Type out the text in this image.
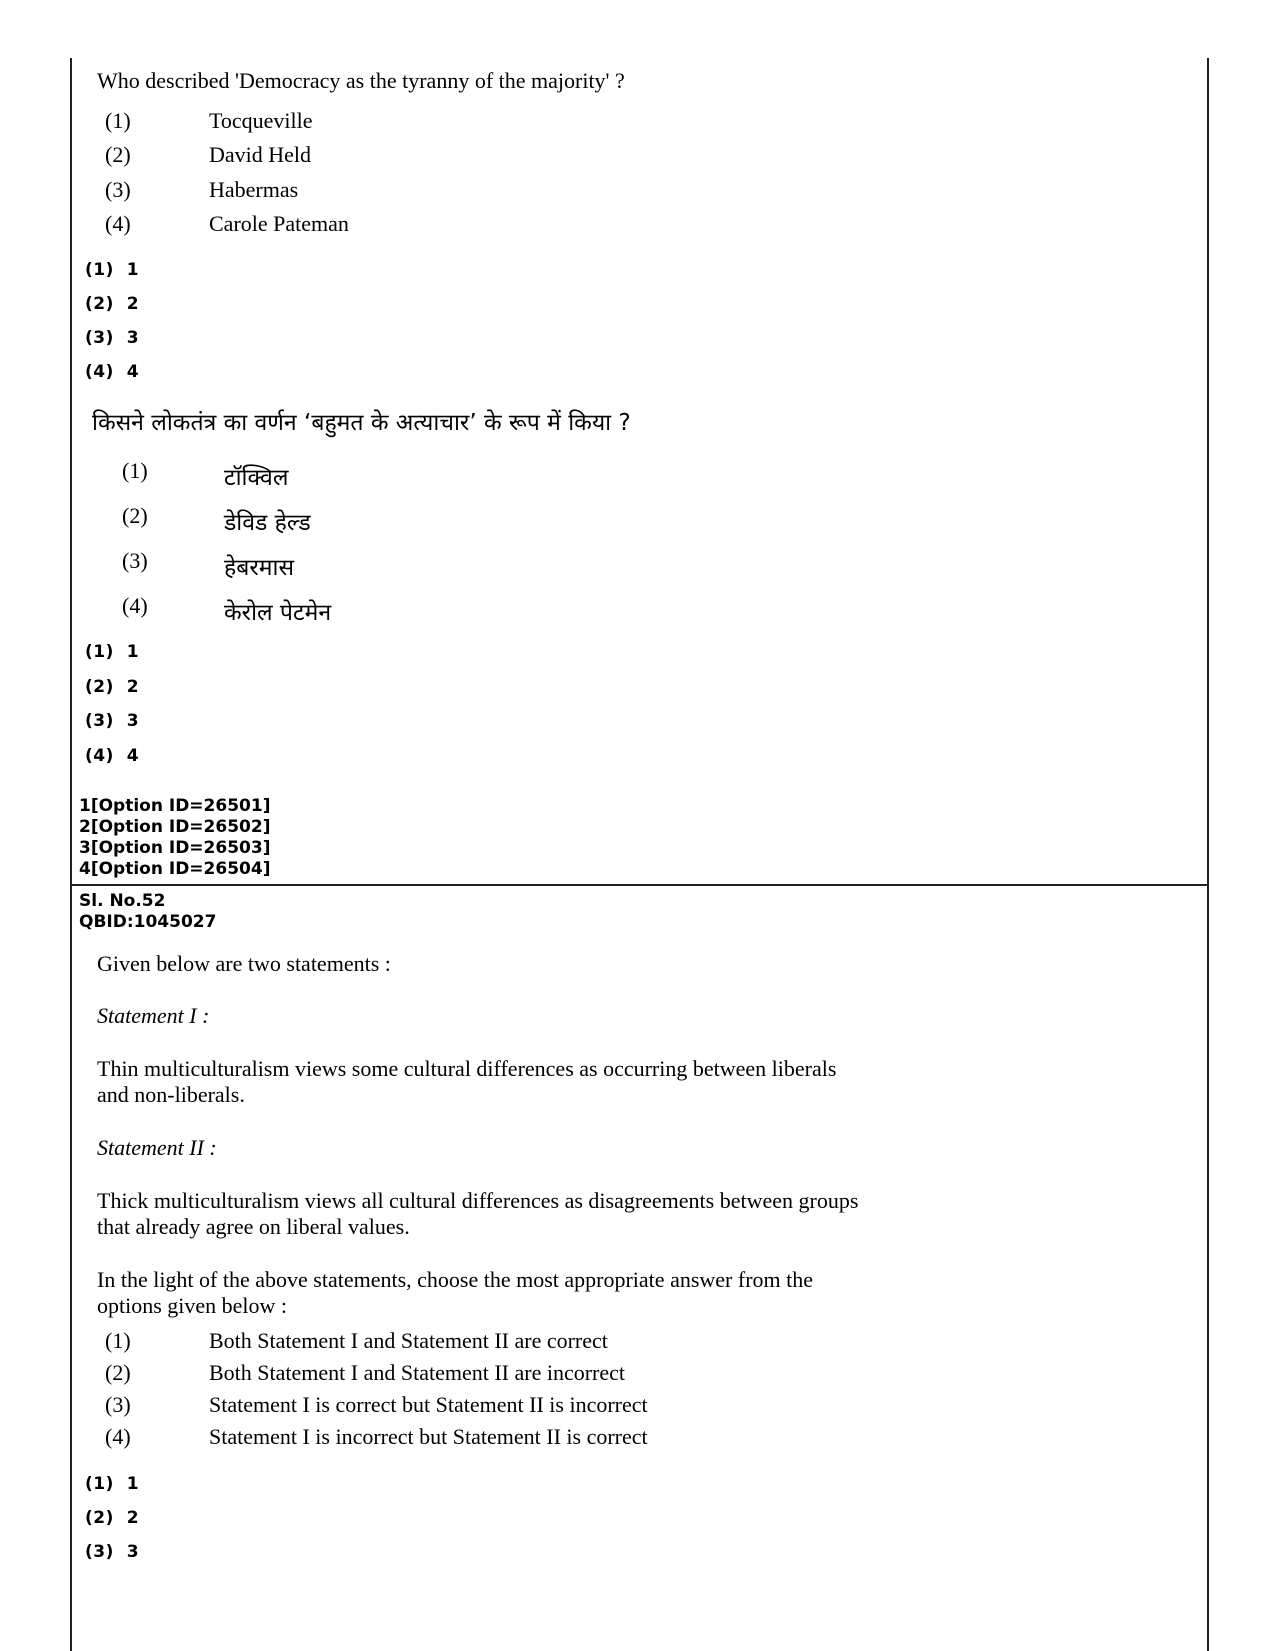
Who described 'Democracy as the tyranny of the majority' ?
(1)	Tocqueville
(2)	David Held
(3)	Habermas
(4)	Carole Pateman
(1)  1
(2)  2
(3)  3
(4)  4
किसने लोकतंत्र का वर्णन ‘बहुमत के अत्याचार’ के रूप में किया ?
(1)	टॉक्विल
(2)	डेविड हेल्ड
(3)	हेबरमास
(4)	केरोल पेटमेन
(1)  1
(2)  2
(3)  3
(4)  4
1[Option ID=26501]
2[Option ID=26502]
3[Option ID=26503]
4[Option ID=26504]
Sl. No.52
QBID:1045027
Given below are two statements :
Statement I :
Thin multiculturalism views some cultural differences as occurring between liberals
and non-liberals.
Statement II :
Thick multiculturalism views all cultural differences as disagreements between groups
that already agree on liberal values.
In the light of the above statements, choose the most appropriate answer from the
options given below :
(1)	Both Statement I and Statement II are correct
(2)	Both Statement I and Statement II are incorrect
(3)	Statement I is correct but Statement II is incorrect
(4)	Statement I is incorrect but Statement II is correct
(1)  1
(2)  2
(3)  3
